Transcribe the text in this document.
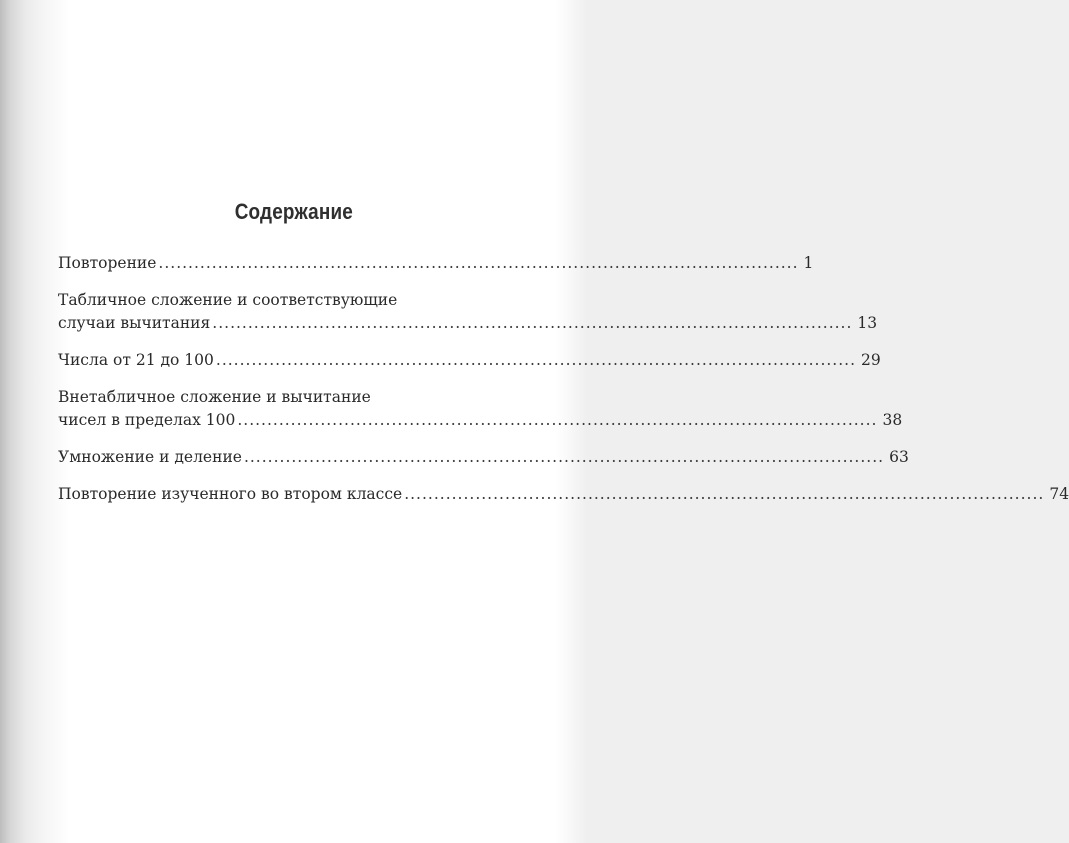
Содержание
Повторение ............................................................................................................ 1
Табличное сложение и соответствующие
случаи вычитания ............................................................................................................ 13
Числа от 21 до 100 ............................................................................................................ 29
Внетабличное сложение и вычитание
чисел в пределах 100 ............................................................................................................ 38
Умножение и деление ............................................................................................................ 63
Повторение изученного во втором классе ............................................................................................................ 74
